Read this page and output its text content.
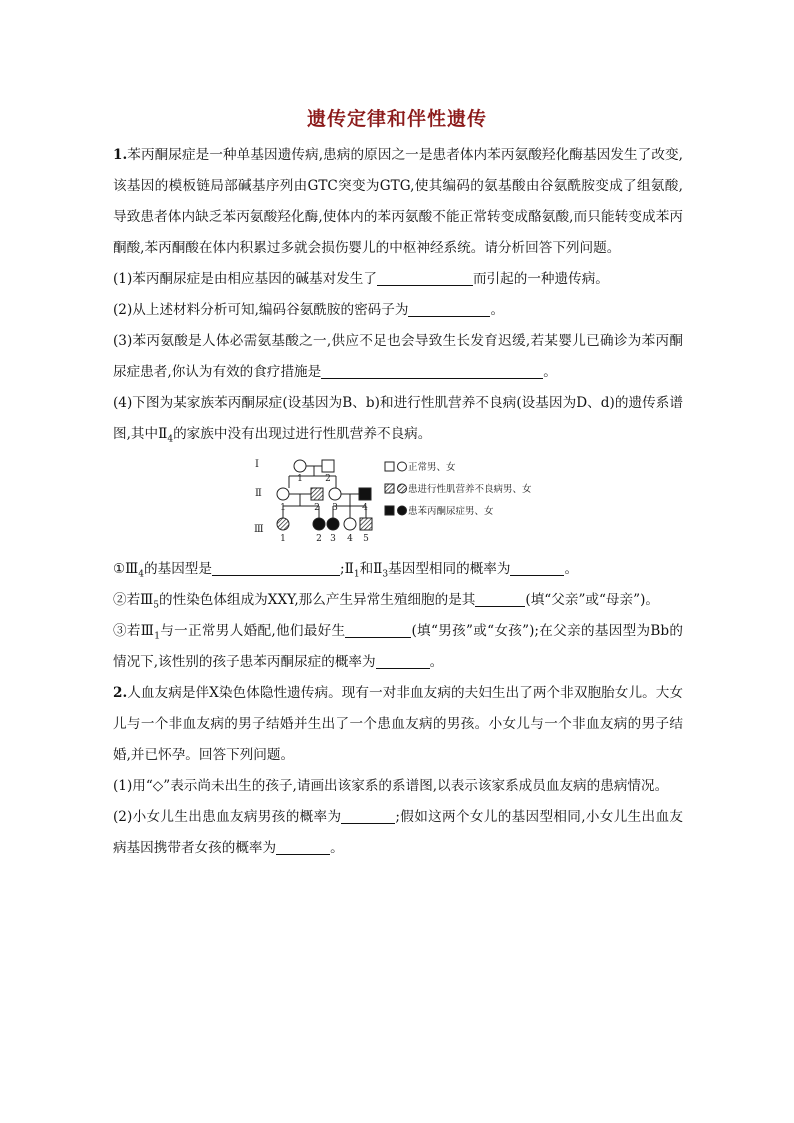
遗传定律和伴性遗传

1.苯丙酮尿症是一种单基因遗传病,患病的原因之一是患者体内苯丙氨酸羟化酶基因发生了改变,该基因的模板链局部碱基序列由GTC突变为GTG,使其编码的氨基酸由谷氨酰胺变成了组氨酸,导致患者体内缺乏苯丙氨酸羟化酶,使体内的苯丙氨酸不能正常转变成酪氨酸,而只能转变成苯丙酮酸,苯丙酮酸在体内积累过多就会损伤婴儿的中枢神经系统。请分析回答下列问题。

(1)苯丙酮尿症是由相应基因的碱基对发生了	而引起的一种遗传病。

(2)从上述材料分析可知,编码谷氨酰胺的密码子为	。

(3)苯丙氨酸是人体必需氨基酸之一,供应不足也会导致生长发育迟缓,若某婴儿已确诊为苯丙酮尿症患者,你认为有效的食疗措施是	。

(4)下图为某家族苯丙酮尿症(设基因为B、b)和进行性肌营养不良病(设基因为D、d)的遗传系谱图,其中$Ⅱ_4$的家族中没有出现过进行性肌营养不良病。

Ⅰ
Ⅱ
Ⅲ
1 2
1	2 3	4
1	2 3 4 5
正常男、女
患进行性肌营养不良病男、女
患苯丙酮尿症男、女

$①Ⅲ_4$的基因型是	$;Ⅱ_1$和$Ⅱ_3$基因型相同的概率为	。

②若$Ⅲ_5$的性染色体组成为XXY,那么产生异常生殖细胞的是其	(填“父亲”或“母亲”)。

③若$Ⅲ_1$与一正常男人婚配,他们最好生	(填“男孩”或“女孩”);在父亲的基因型为Bb的情况下,该性别的孩子患苯丙酮尿症的概率为	。

2.人血友病是伴X染色体隐性遗传病。现有一对非血友病的夫妇生出了两个非双胞胎女儿。大女儿与一个非血友病的男子结婚并生出了一个患血友病的男孩。小女儿与一个非血友病的男子结婚,并已怀孕。回答下列问题。

(1)用“◇”表示尚未出生的孩子,请画出该家系的系谱图,以表示该家系成员血友病的患病情况。

(2)小女儿生出患血友病男孩的概率为	;假如这两个女儿的基因型相同,小女儿生出血友病基因携带者女孩的概率为	。
